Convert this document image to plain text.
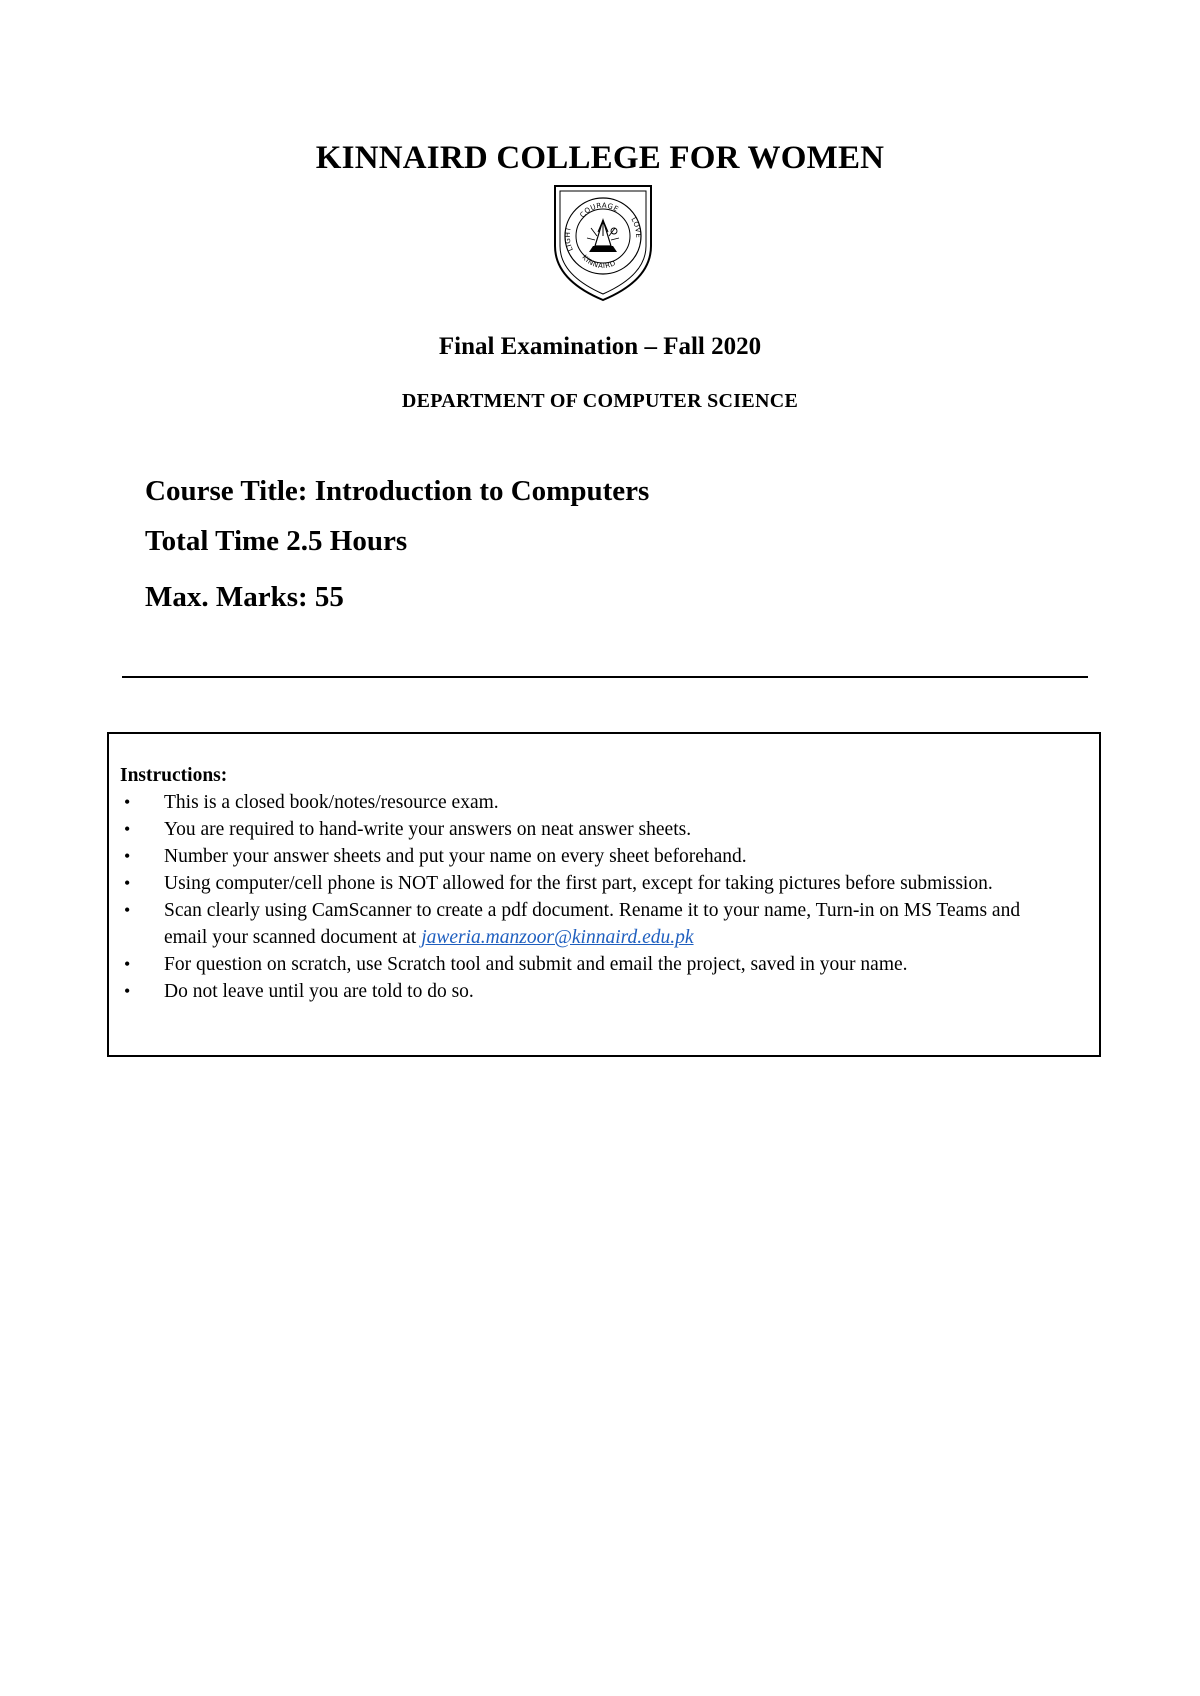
KINNAIRD COLLEGE FOR WOMEN
COURAGE
KINNAIRD
LIGHT
LOVE
Final Examination – Fall 2020
DEPARTMENT OF COMPUTER SCIENCE
Course Title: Introduction to Computers
Total Time 2.5 Hours
Max. Marks: 55

Instructions:

• This is a closed book/notes/resource exam.
• You are required to hand-write your answers on neat answer sheets.
• Number your answer sheets and put your name on every sheet beforehand.
• Using computer/cell phone is NOT allowed for the first part, except for taking pictures before submission.
• Scan clearly using CamScanner to create a pdf document. Rename it to your name, Turn-in on MS Teams and email your scanned document at jaweria.manzoor@kinnaird.edu.pk
• For question on scratch, use Scratch tool and submit and email the project, saved in your name.
• Do not leave until you are told to do so.
